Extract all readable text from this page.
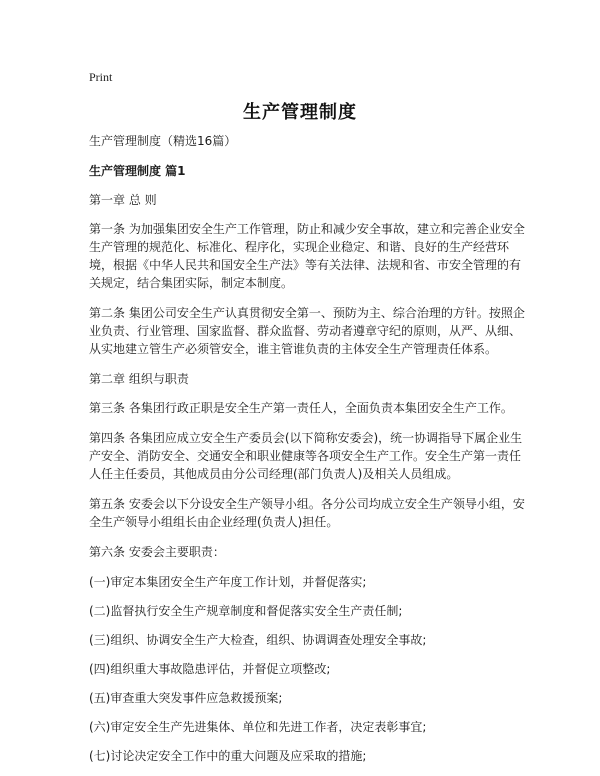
Print
生产管理制度

生产管理制度（精选16篇）

生产管理制度 篇1

第一章 总 则

第一条 为加强集团安全生产工作管理，防止和减少安全事故，建立和完善企业安全生产管理的规范化、标准化、程序化，实现企业稳定、和谐、良好的生产经营环境，根据《中华人民共和国安全生产法》等有关法律、法规和省、市安全管理的有关规定，结合集团实际，制定本制度。

第二条 集团公司安全生产认真贯彻安全第一、预防为主、综合治理的方针。按照企业负责、行业管理、国家监督、群众监督、劳动者遵章守纪的原则，从严、从细、从实地建立管生产必须管安全，谁主管谁负责的主体安全生产管理责任体系。

第二章 组织与职责

第三条 各集团行政正职是安全生产第一责任人，全面负责本集团安全生产工作。

第四条 各集团应成立安全生产委员会(以下简称安委会)，统一协调指导下属企业生产安全、消防安全、交通安全和职业健康等各项安全生产工作。安全生产第一责任人任主任委员，其他成员由分公司经理(部门负责人)及相关人员组成。

第五条 安委会以下分设安全生产领导小组。各分公司均成立安全生产领导小组，安全生产领导小组组长由企业经理(负责人)担任。

第六条 安委会主要职责：

(一)审定本集团安全生产年度工作计划，并督促落实;

(二)监督执行安全生产规章制度和督促落实安全生产责任制;

(三)组织、协调安全生产大检查，组织、协调调查处理安全事故;

(四)组织重大事故隐患评估，并督促立项整改;

(五)审查重大突发事件应急救援预案;

(六)审定安全生产先进集体、单位和先进工作者，决定表彰事宜;

(七)讨论决定安全工作中的重大问题及应采取的措施;
